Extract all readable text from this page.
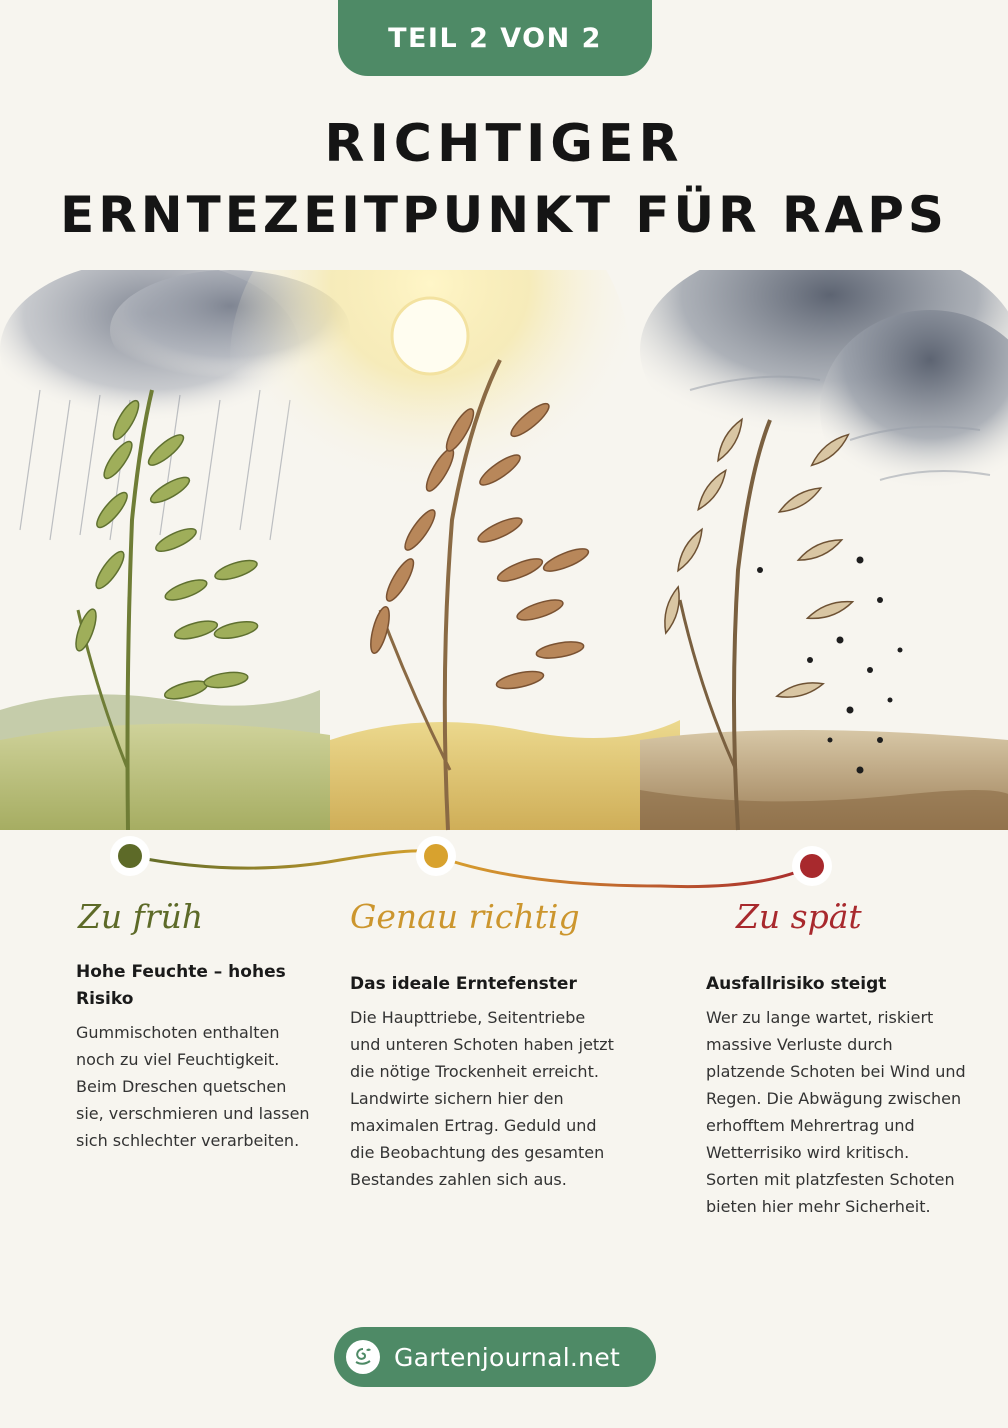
TEIL 2 VON 2
RICHTIGER
ERNTEZEITPUNKT FÜR RAPS
Zu früh
Hohe Feuchte – hohes Risiko
Gummischoten enthalten noch zu viel Feuchtigkeit. Beim Dreschen quetschen sie, verschmieren und lassen sich schlechter verarbeiten.
Genau richtig
Das ideale Erntefenster
Die Haupttriebe, Seitentriebe und unteren Schoten haben jetzt die nötige Trockenheit erreicht. Landwirte sichern hier den maximalen Ertrag. Geduld und die Beobachtung des gesamten Bestandes zahlen sich aus.
Zu spät
Ausfallrisiko steigt
Wer zu lange wartet, riskiert massive Verluste durch platzende Schoten bei Wind und Regen. Die Abwägung zwischen erhofftem Mehrertrag und Wetterrisiko wird kritisch. Sorten mit platzfesten Schoten bieten hier mehr Sicherheit.
Gartenjournal.net
